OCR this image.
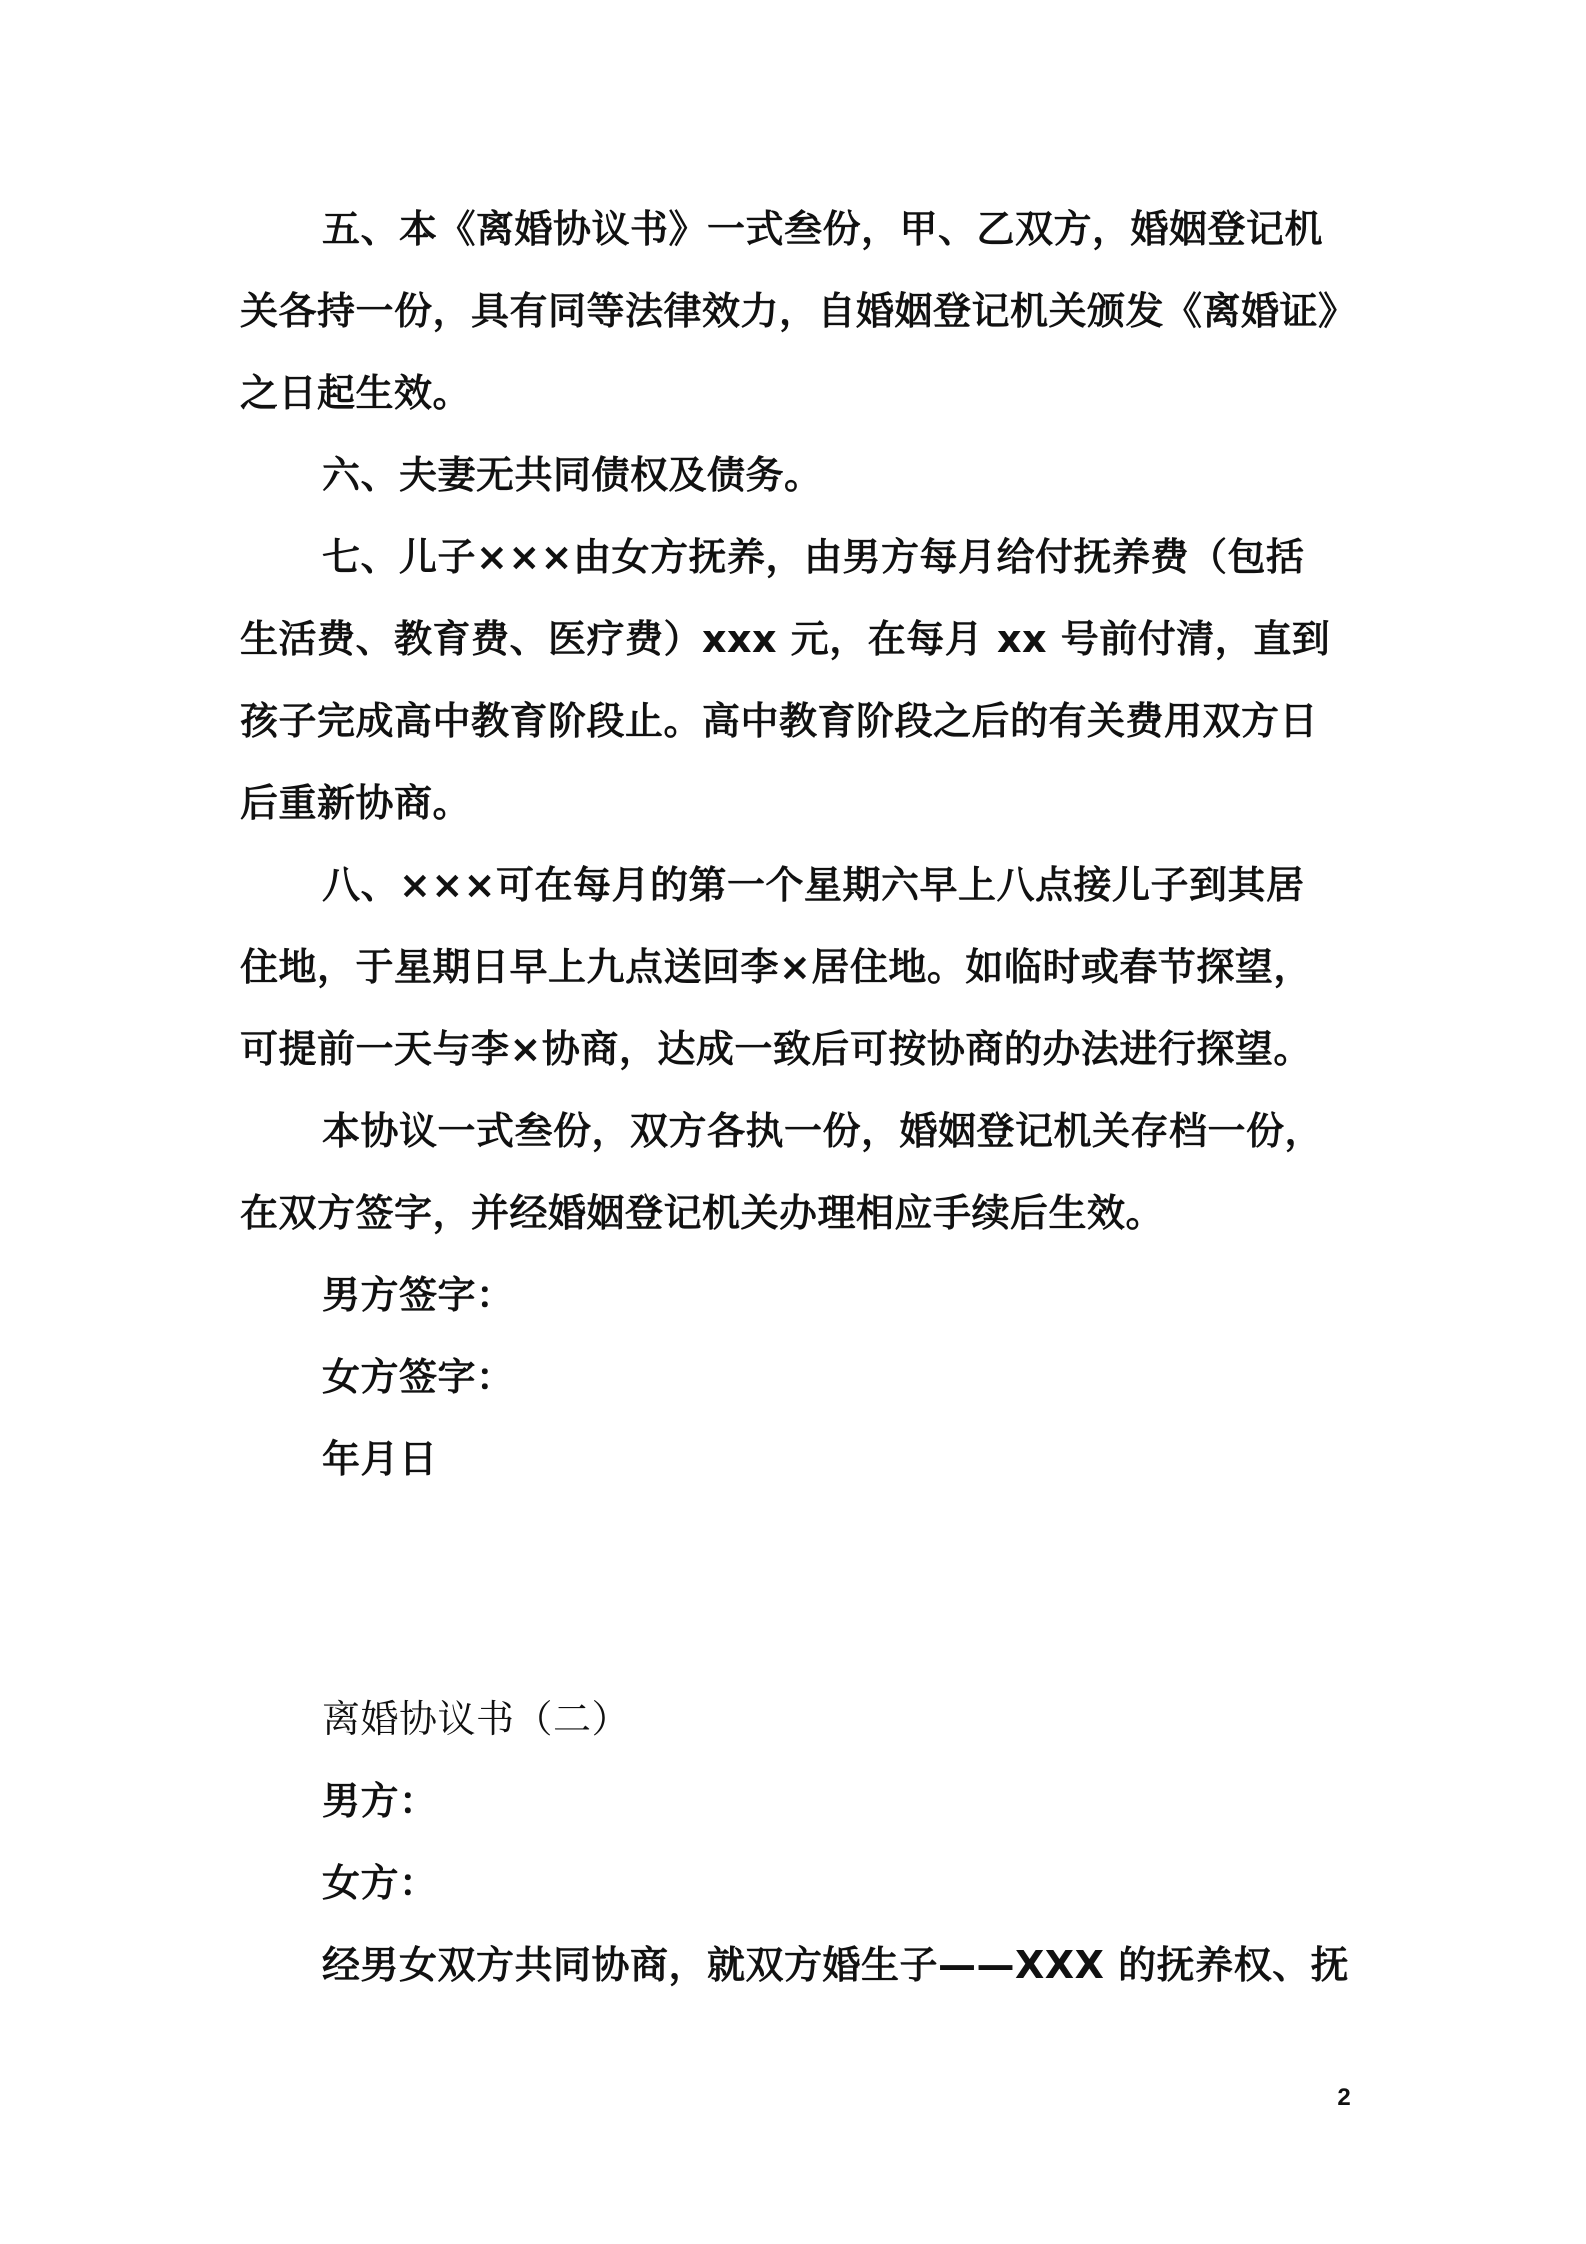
五、本《离婚协议书》一式叁份，甲、乙双方，婚姻登记机
关各持一份，具有同等法律效力，自婚姻登记机关颁发《离婚证》
之日起生效。
六、夫妻无共同债权及债务。
七、儿子×××由女方抚养，由男方每月给付抚养费（包括
生活费、教育费、医疗费）xxx 元，在每月 xx 号前付清，直到
孩子完成高中教育阶段止。高中教育阶段之后的有关费用双方日
后重新协商。
八、×××可在每月的第一个星期六早上八点接儿子到其居
住地，于星期日早上九点送回李×居住地。如临时或春节探望，
可提前一天与李×协商，达成一致后可按协商的办法进行探望。
本协议一式叁份，双方各执一份，婚姻登记机关存档一份，
在双方签字，并经婚姻登记机关办理相应手续后生效。
男方签字：
女方签字：
年月日
离婚协议书（二）
男方：
女方：
经男女双方共同协商，就双方婚生子——XXX 的抚养权、抚
2
